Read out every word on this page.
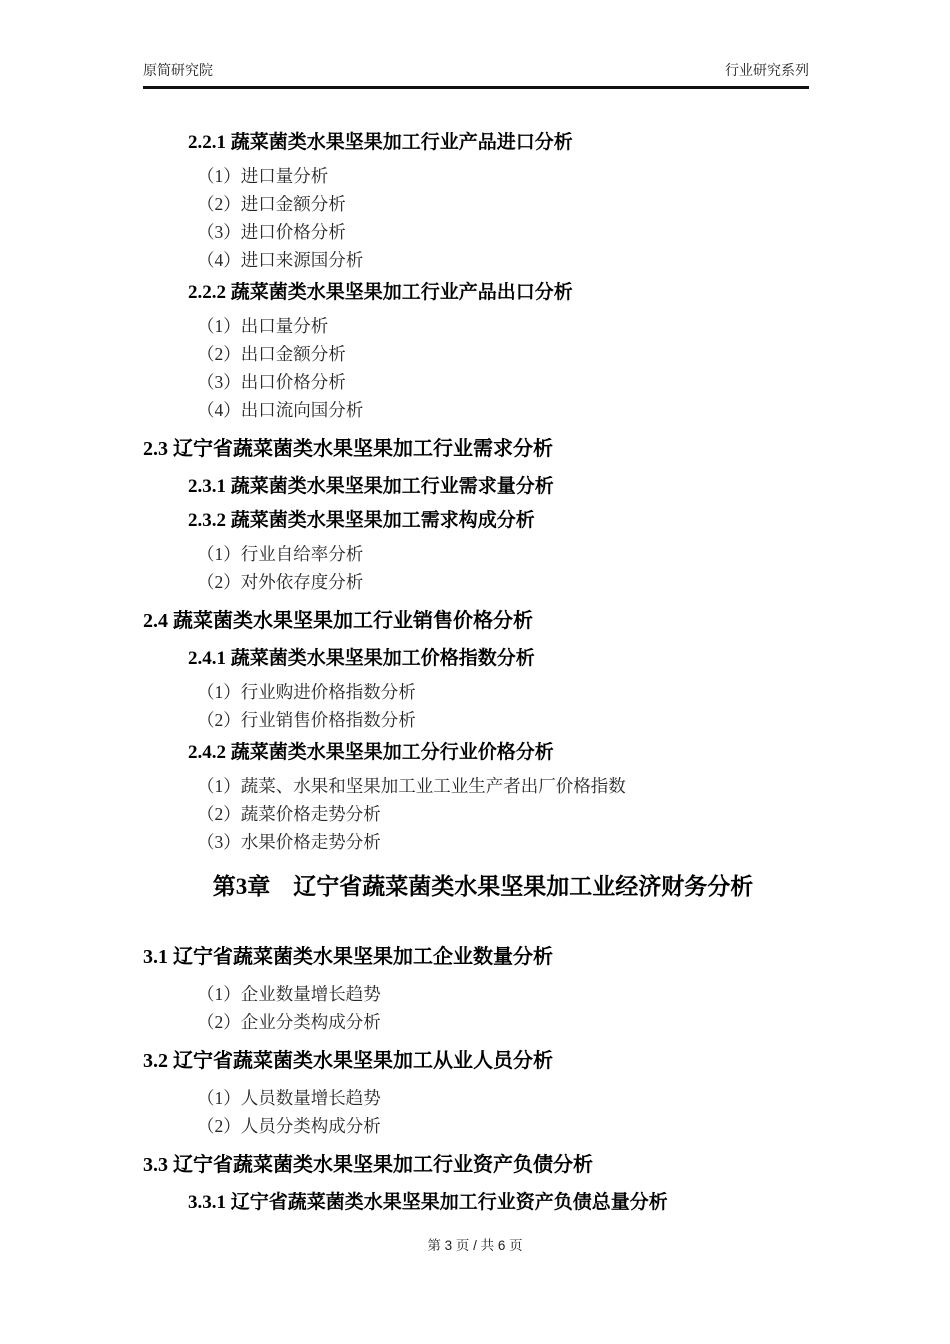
原简研究院	行业研究系列
2.2.1 蔬菜菌类水果坚果加工行业产品进口分析
（1）进口量分析
（2）进口金额分析
（3）进口价格分析
（4）进口来源国分析
2.2.2 蔬菜菌类水果坚果加工行业产品出口分析
（1）出口量分析
（2）出口金额分析
（3）出口价格分析
（4）出口流向国分析
2.3 辽宁省蔬菜菌类水果坚果加工行业需求分析
2.3.1 蔬菜菌类水果坚果加工行业需求量分析
2.3.2 蔬菜菌类水果坚果加工需求构成分析
（1）行业自给率分析
（2）对外依存度分析
2.4 蔬菜菌类水果坚果加工行业销售价格分析
2.4.1 蔬菜菌类水果坚果加工价格指数分析
（1）行业购进价格指数分析
（2）行业销售价格指数分析
2.4.2 蔬菜菌类水果坚果加工分行业价格分析
（1）蔬菜、水果和坚果加工业工业生产者出厂价格指数
（2）蔬菜价格走势分析
（3）水果价格走势分析
第3章　辽宁省蔬菜菌类水果坚果加工业经济财务分析
3.1 辽宁省蔬菜菌类水果坚果加工企业数量分析
（1）企业数量增长趋势
（2）企业分类构成分析
3.2 辽宁省蔬菜菌类水果坚果加工从业人员分析
（1）人员数量增长趋势
（2）人员分类构成分析
3.3 辽宁省蔬菜菌类水果坚果加工行业资产负债分析
3.3.1 辽宁省蔬菜菌类水果坚果加工行业资产负债总量分析
第 3 页 / 共 6 页
